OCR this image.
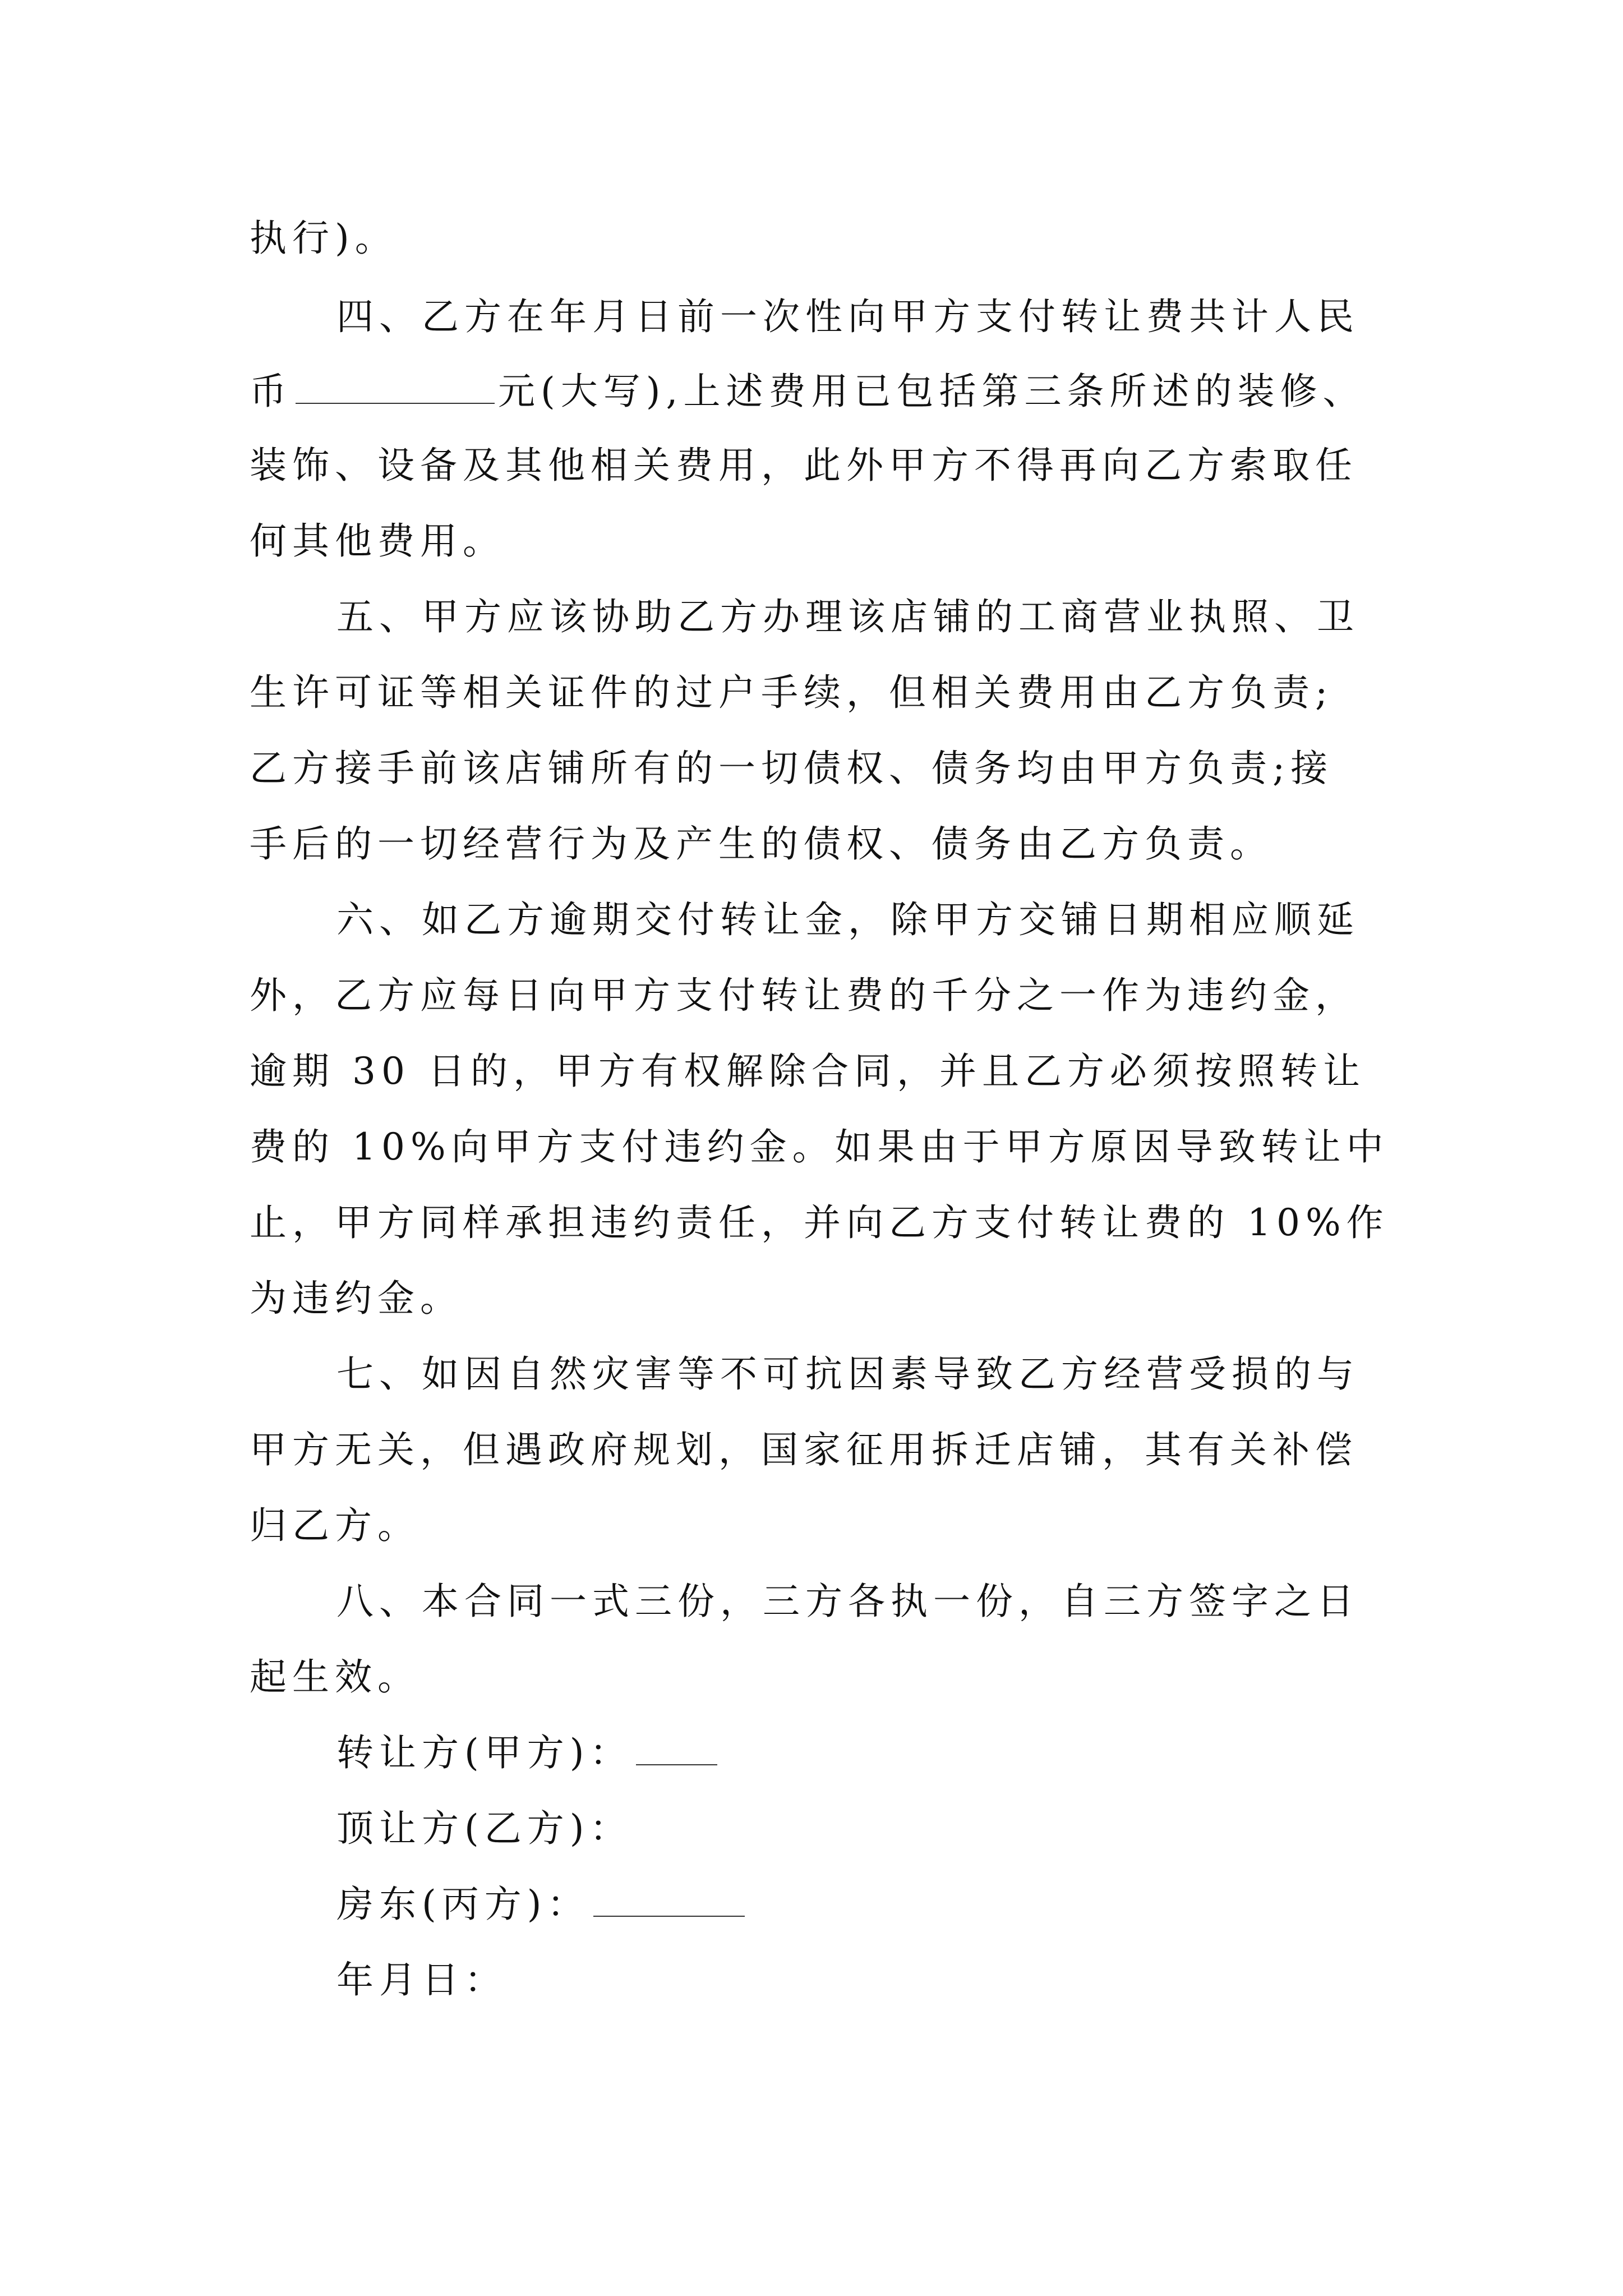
执行)。
四、乙方在年月日前一次性向甲方支付转让费共计人民
币	元(大写),上述费用已包括第三条所述的装修、
装饰、设备及其他相关费用，此外甲方不得再向乙方索取任
何其他费用。
五、甲方应该协助乙方办理该店铺的工商营业执照、卫
生许可证等相关证件的过户手续，但相关费用由乙方负责;
乙方接手前该店铺所有的一切债权、债务均由甲方负责;接
手后的一切经营行为及产生的债权、债务由乙方负责。
六、如乙方逾期交付转让金，除甲方交铺日期相应顺延
外，乙方应每日向甲方支付转让费的千分之一作为违约金，
逾期 30 日的，甲方有权解除合同，并且乙方必须按照转让
费的 10%向甲方支付违约金。如果由于甲方原因导致转让中
止，甲方同样承担违约责任，并向乙方支付转让费的 10%作
为违约金。
七、如因自然灾害等不可抗因素导致乙方经营受损的与
甲方无关，但遇政府规划，国家征用拆迁店铺，其有关补偿
归乙方。
八、本合同一式三份，三方各执一份，自三方签字之日
起生效。
转让方(甲方)：
顶让方(乙方)：
房东(丙方)：
年月日：
